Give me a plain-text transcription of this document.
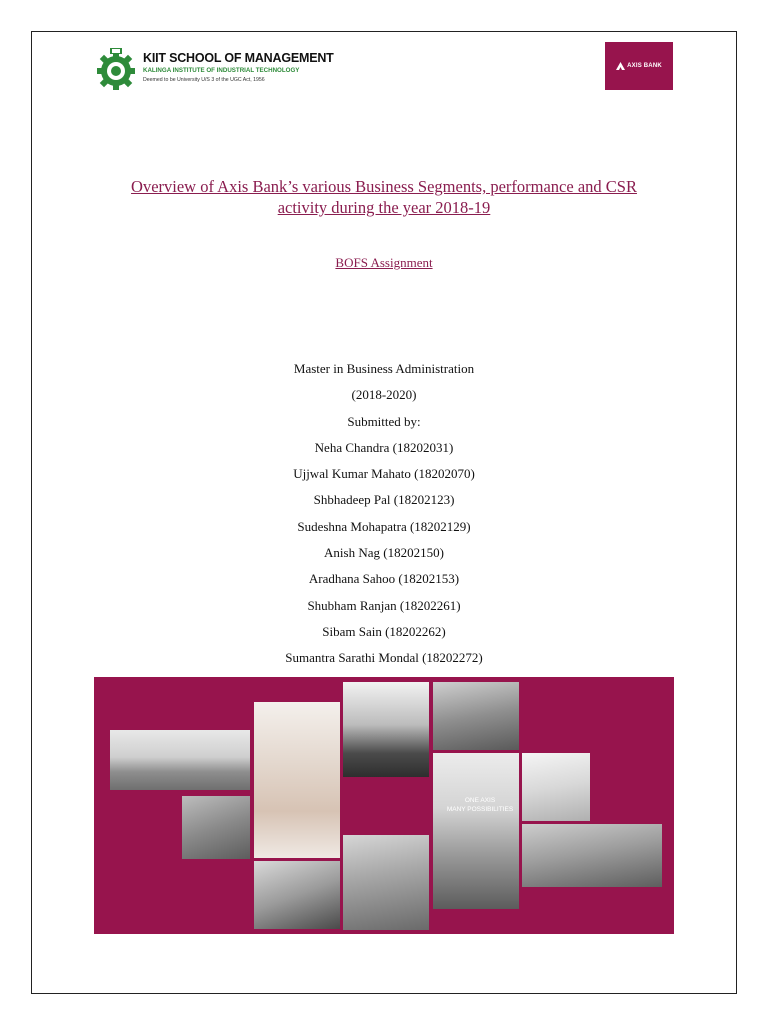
KIIT SCHOOL OF MANAGEMENT
KALINGA INSTITUTE OF INDUSTRIAL TECHNOLOGY
Deemed to be University U/S 3 of the UGC Act, 1956
AXIS BANK
Overview of Axis Bank’s various Business Segments, performance and CSR
activity during the year 2018-19
BOFS Assignment
Master in Business Administration
(2018-2020)
Submitted by:
Neha Chandra (18202031)
Ujjwal Kumar Mahato (18202070)
Shbhadeep Pal (18202123)
Sudeshna Mohapatra (18202129)
Anish Nag (18202150)
Aradhana Sahoo (18202153)
Shubham Ranjan (18202261)
Sibam Sain (18202262)
Sumantra Sarathi Mondal (18202272)
ONE AXIS
MANY POSSIBILITIES
